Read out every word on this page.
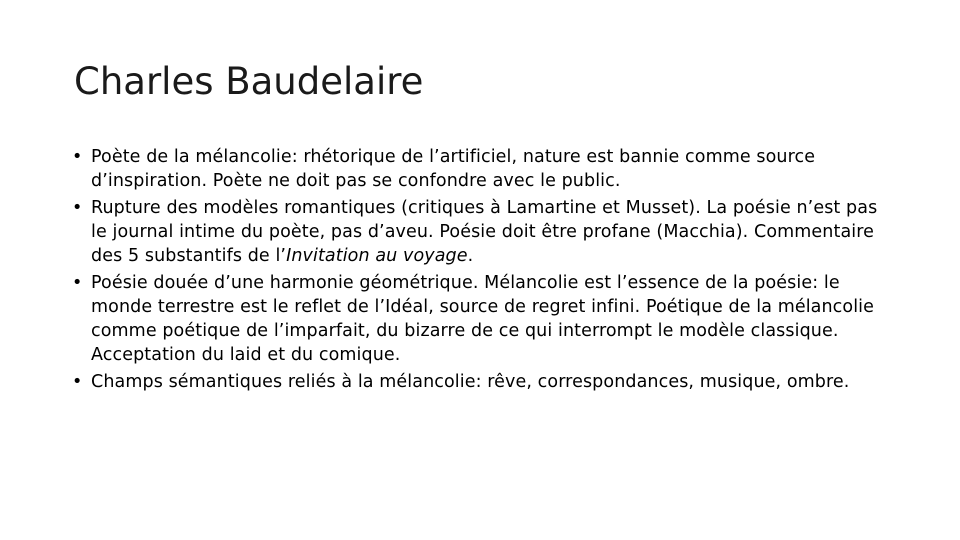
Charles Baudelaire
• Poète de la mélancolie: rhétorique de l’artificiel, nature est bannie comme source d’inspiration. Poète ne doit pas se confondre avec le public.
• Rupture des modèles romantiques (critiques à Lamartine et Musset). La poésie n’est pas le journal intime du poète, pas d’aveu. Poésie doit être profane (Macchia). Commentaire des 5 substantifs de l’Invitation au voyage.
• Poésie douée d’une harmonie géométrique. Mélancolie est l’essence de la poésie: le monde terrestre est le reflet de l’Idéal, source de regret infini. Poétique de la mélancolie comme poétique de l’imparfait, du bizarre de ce qui interrompt le modèle classique. Acceptation du laid et du comique.
• Champs sémantiques reliés à la mélancolie: rêve, correspondances, musique, ombre.
